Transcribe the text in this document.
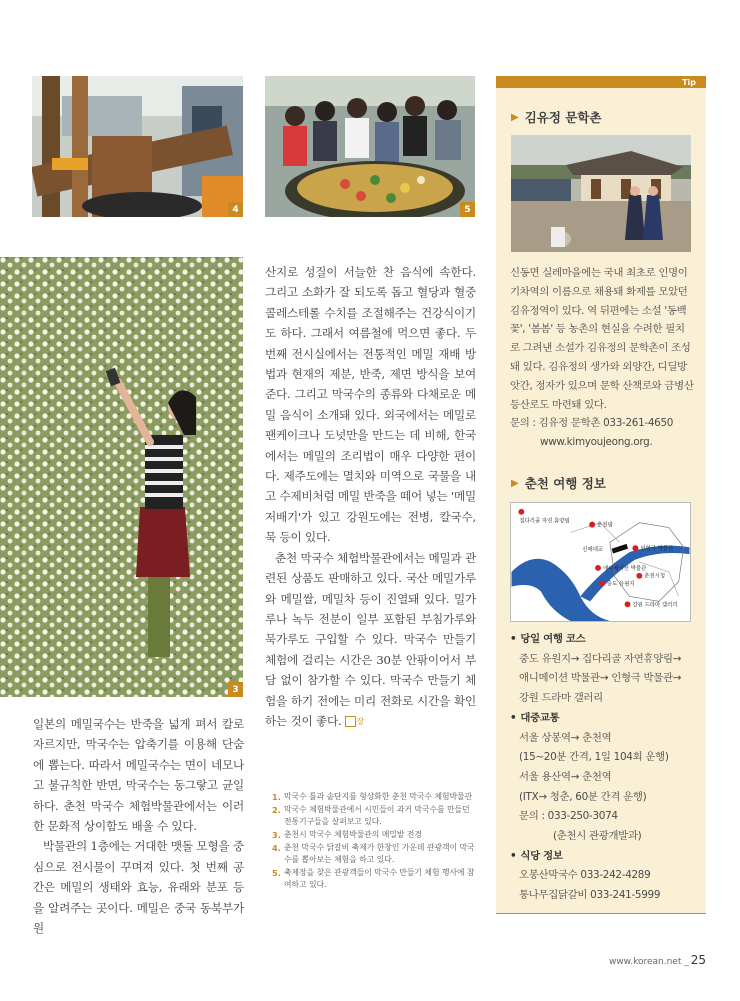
4	5
3

일본의 메밀국수는 반죽을 넓게 펴서 칼로 자르지만, 막국수는 압축기를 이용해 단숨에 뽑는다. 따라서 메밀국수는 면이 네모나고 불규칙한 반면, 막국수는 동그랗고 균일하다. 춘천 막국수 체험박물관에서는 이러한 문화적 상이함도 배울 수 있다.

박물관의 1층에는 거대한 맷돌 모형을 중심으로 전시물이 꾸며져 있다. 첫 번째 공간은 메밀의 생태와 효능, 유래와 분포 등을 알려주는 곳이다. 메밀은 중국 동북부가 원

산지로 성질이 서늘한 찬 음식에 속한다. 그리고 소화가 잘 되도록 돕고 혈당과 혈중 콜레스테롤 수치를 조절해주는 건강식이기도 하다. 그래서 여름철에 먹으면 좋다. 두 번째 전시실에서는 전통적인 메밀 재배 방법과 현재의 제분, 반죽, 제면 방식을 보여준다. 그리고 막국수의 종류와 다채로운 메밀 음식이 소개돼 있다. 외국에서는 메밀로 팬케이크나 도넛만을 만드는 데 비해, 한국에서는 메밀의 조리법이 매우 다양한 편이다. 제주도에는 멸치와 미역으로 국물을 내고 수제비처럼 메밀 반죽을 떼어 넣는 '메밀저배기'가 있고 강원도에는 전병, 칼국수, 묵 등이 있다.

춘천 막국수 체험박물관에서는 메밀과 관련된 상품도 판매하고 있다. 국산 메밀가루와 메밀쌀, 메밀차 등이 진열돼 있다. 밀가루나 녹두 전분이 일부 포함된 부침가루와 묵가루도 구입할 수 있다. 막국수 만들기 체험에 걸리는 시간은 30분 안팎이어서 부담 없이 참가할 수 있다. 막국수 만들기 체험을 하기 전에는 미리 전화로 시간을 확인하는 것이 좋다. 장

1. 막국수 틀과 솥단지를 형상화한 춘천 막국수 체험박물관
2. 막국수 체험박물관에서 시민들이 과거 막국수를 만들던 전통기구들을 살펴보고 있다.
3. 춘천시 막국수 체험박물관의 메밀밭 전경
4. 춘천 막국수 닭갈비 축제가 한창인 가운데 관광객이 막국수를 뽑아보는 체험을 하고 있다.
5. 축제장을 찾은 관광객들이 막국수 만들기 체험 행사에 참여하고 있다.
Tip
▶ 김유정 문학촌
신동면 실레마을에는 국내 최초로 인명이 기차역의 이름으로 채용돼 화제를 모았던 김유정역이 있다. 역 뒤편에는 소설 '동백꽃', '봄봄' 등 농촌의 현실을 수려한 필치로 그려낸 소설가 김유정의 문학촌이 조성돼 있다. 김유정의 생가와 외양간, 디딜방앗간, 정자가 있으며 문학 산책로와 금병산 등산로도 마련돼 있다.
문의 : 김유정 문학촌 033-261-4650
www.kimyoujeong.org.
▶ 춘천 여행 정보
집다리골 자연 휴양림
춘천댐
신매대교	인형극 박물관
애니메이션 박물관
춘천시청
중도 유원지
강원 드라마 갤러리
• 당일 여행 코스
중도 유원지→ 집다리골 자연휴양림→
애니메이션 박물관→ 인형극 박물관→
강원 드라마 갤러리
• 대중교통
서울 상봉역→ 춘천역
(15~20분 간격, 1일 104회 운행)
서울 용산역→ 춘천역
(ITX→ 청춘, 60분 간격 운행)
문의 : 033-250-3074
(춘천시 관광개발과)
• 식당 정보
오봉산막국수 033-242-4289
통나무집닭갈비 033-241-5999
www.korean.net _ 25
